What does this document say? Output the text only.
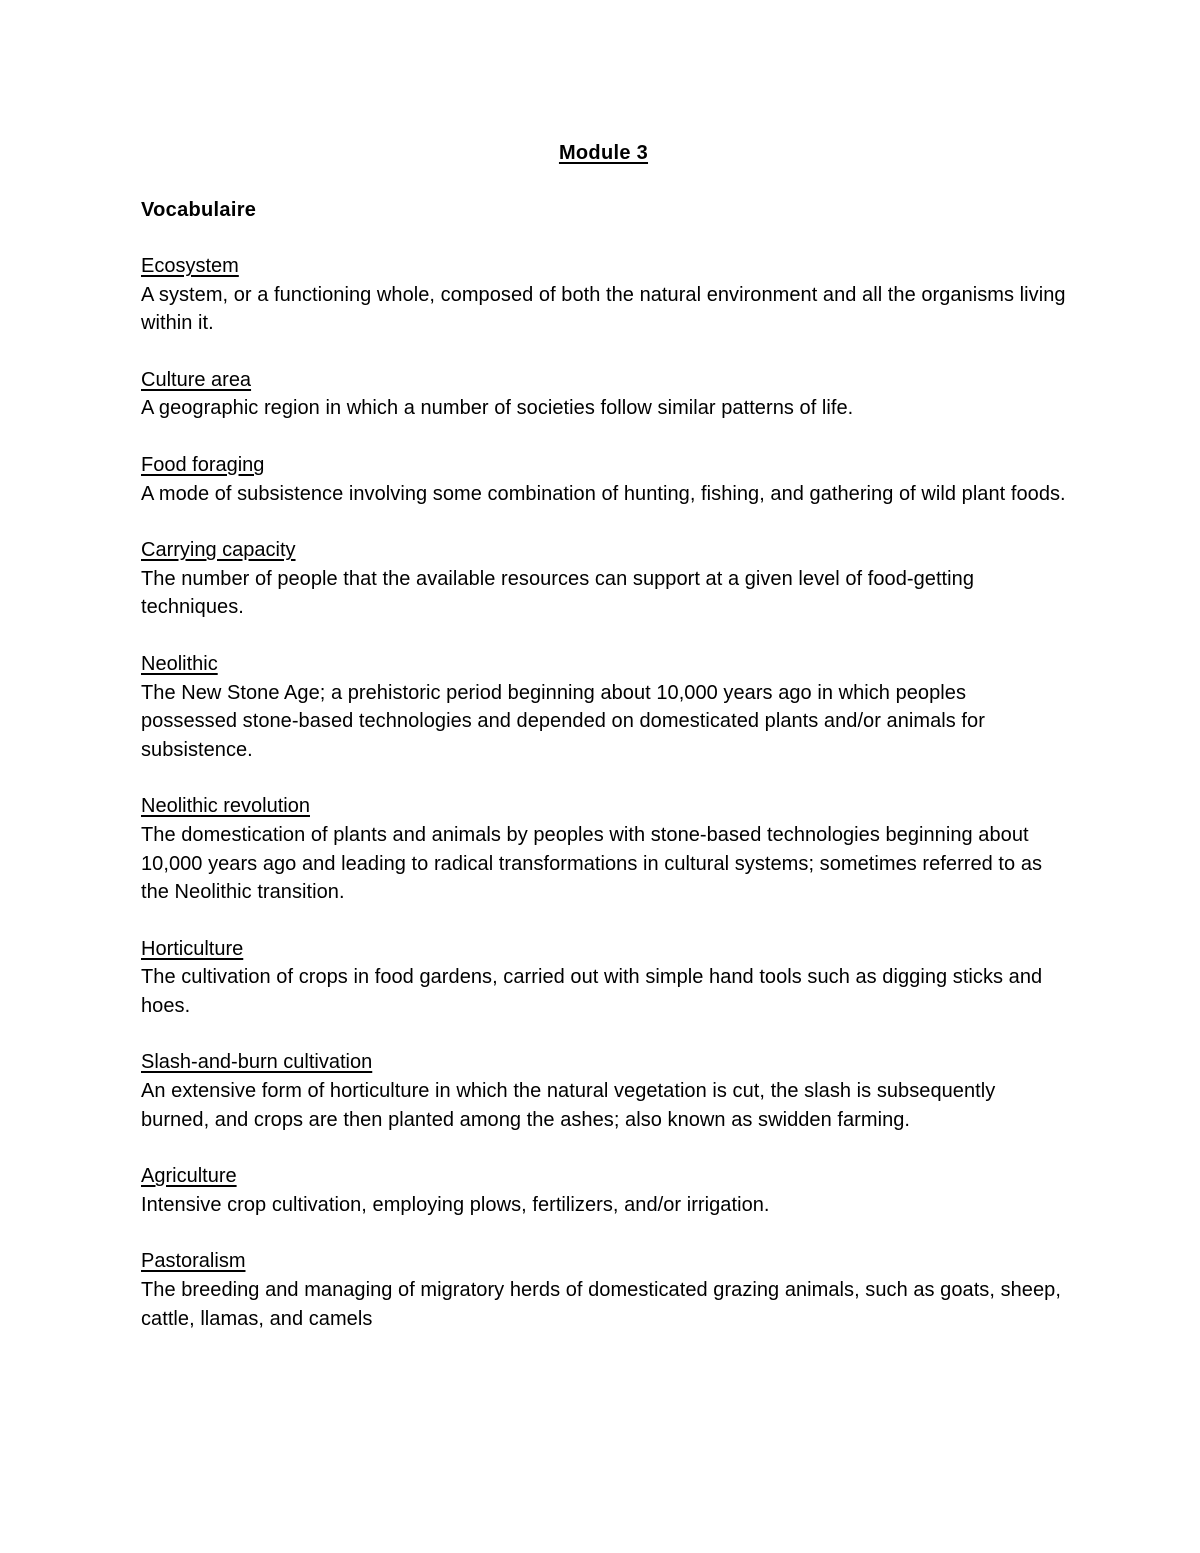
Module 3
Vocabulaire
Ecosystem
A system, or a functioning whole, composed of both the natural environment and all the organisms living within it.
Culture area
A geographic region in which a number of societies follow similar patterns of life.
Food foraging
A mode of subsistence involving some combination of hunting, fishing, and gathering of wild plant foods.
Carrying capacity
The number of people that the available resources can support at a given level of food-getting techniques.
Neolithic
The New Stone Age; a prehistoric period beginning about 10,000 years ago in which peoples possessed stone-based technologies and depended on domesticated plants and/or animals for subsistence.
Neolithic revolution
The domestication of plants and animals by peoples with stone-based technologies beginning about 10,000 years ago and leading to radical transformations in cultural systems; sometimes referred to as the Neolithic transition.
Horticulture
The cultivation of crops in food gardens, carried out with simple hand tools such as digging sticks and hoes.
Slash-and-burn cultivation
An extensive form of horticulture in which the natural vegetation is cut, the slash is subsequently burned, and crops are then planted among the ashes; also known as swidden farming.
Agriculture
Intensive crop cultivation, employing plows, fertilizers, and/or irrigation.
Pastoralism
The breeding and managing of migratory herds of domesticated grazing animals, such as goats, sheep, cattle, llamas, and camels
